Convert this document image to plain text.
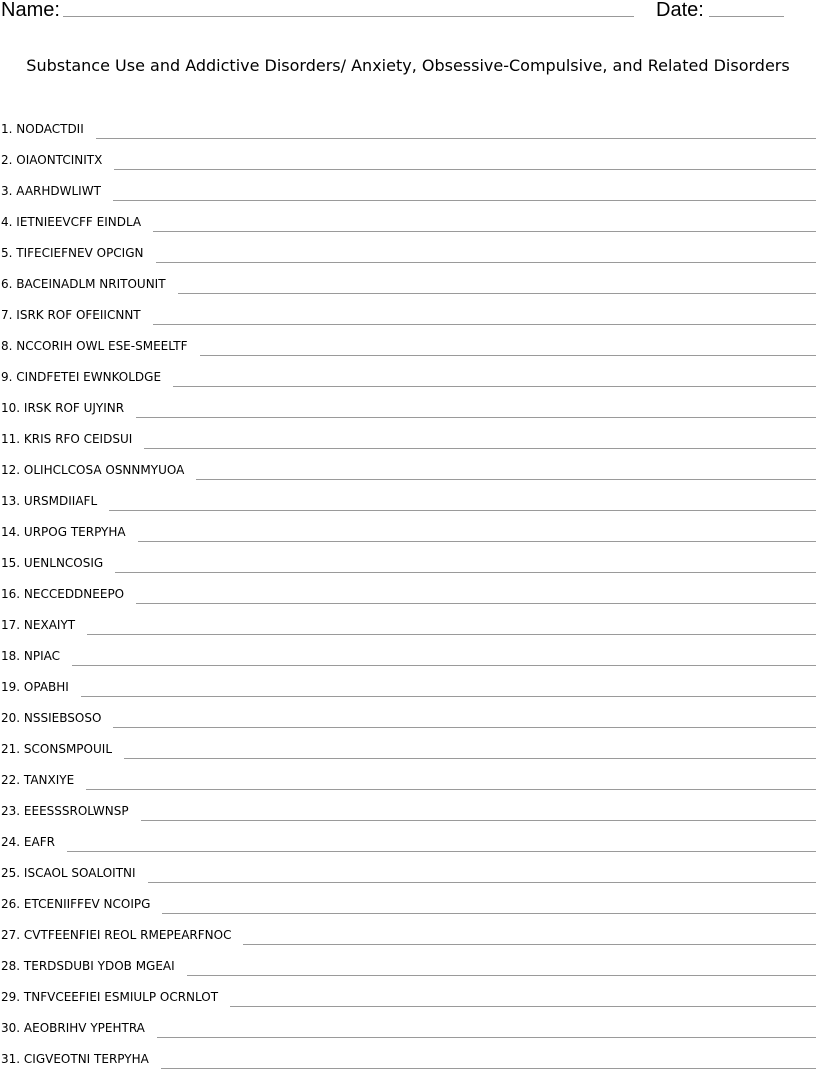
Name:	Date:
Substance Use and Addictive Disorders/ Anxiety, Obsessive-Compulsive, and Related Disorders
1. NODACTDII
2. OIAONTCINITX
3. AARHDWLIWT
4. IETNIEEVCFF EINDLA
5. TIFECIEFNEV OPCIGN
6. BACEINADLM NRITOUNIT
7. ISRK ROF OFEIICNNT
8. NCCORIH OWL ESE-SMEELTF
9. CINDFETEI EWNKOLDGE
10. IRSK ROF UJYINR
11. KRIS RFO CEIDSUI
12. OLIHCLCOSA OSNNMYUOA
13. URSMDIIAFL
14. URPOG TERPYHA
15. UENLNCOSIG
16. NECCEDDNEEPO
17. NEXAIYT
18. NPIAC
19. OPABHI
20. NSSIEBSOSO
21. SCONSMPOUIL
22. TANXIYE
23. EEESSSROLWNSP
24. EAFR
25. ISCAOL SOALOITNI
26. ETCENIIFFEV NCOIPG
27. CVTFEENFIEI REOL RMEPEARFNOC
28. TERDSDUBI YDOB MGEAI
29. TNFVCEEFIEI ESMIULP OCRNLOT
30. AEOBRIHV YPEHTRA
31. CIGVEOTNI TERPYHA
